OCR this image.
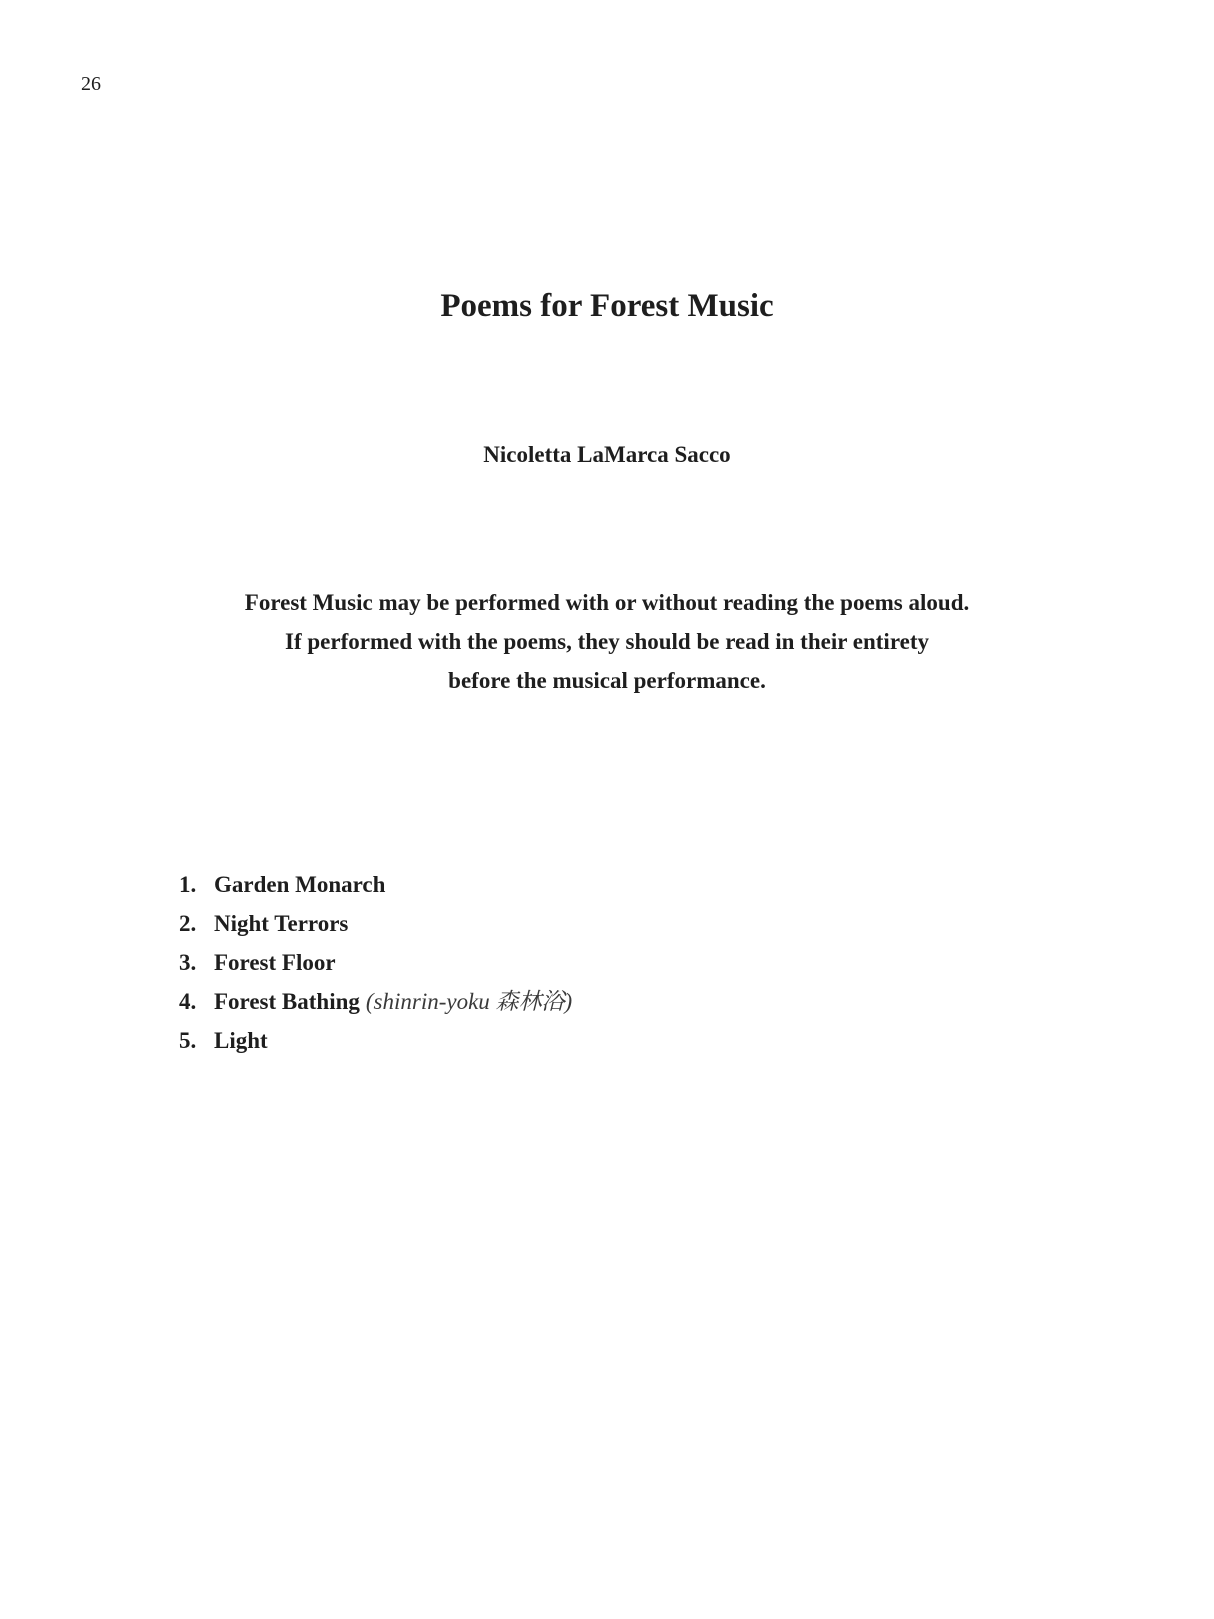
26
Poems for Forest Music
Nicoletta LaMarca Sacco
Forest Music may be performed with or without reading the poems aloud.
If performed with the poems, they should be read in their entirety
before the musical performance.
1. Garden Monarch
2. Night Terrors
3. Forest Floor
4. Forest Bathing (shinrin-yoku 森林浴)
5. Light
